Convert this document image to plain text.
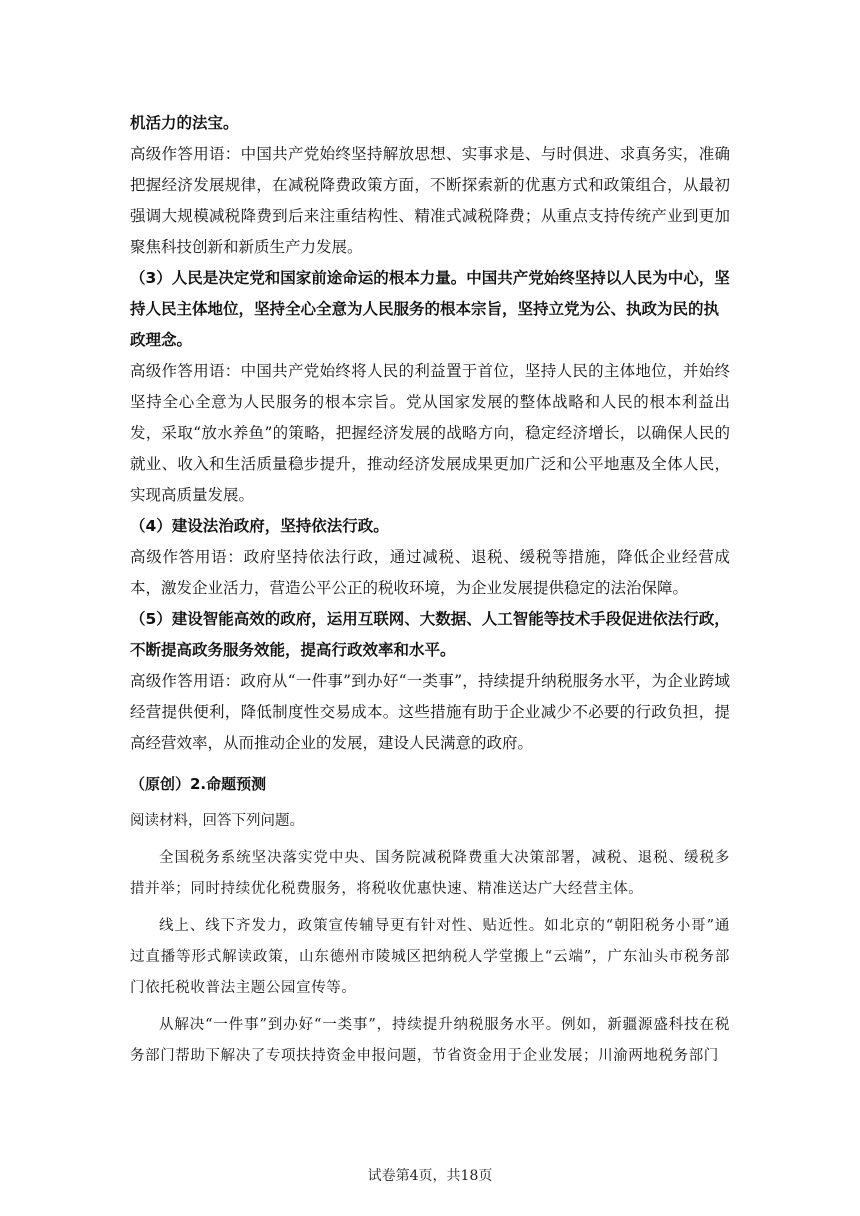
机活力的法宝。

高级作答用语：中国共产党始终坚持解放思想、实事求是、与时俱进、求真务实，准确把握经济发展规律，在减税降费政策方面，不断探索新的优惠方式和政策组合，从最初强调大规模减税降费到后来注重结构性、精准式减税降费；从重点支持传统产业到更加聚焦科技创新和新质生产力发展。

（3）人民是决定党和国家前途命运的根本力量。中国共产党始终坚持以人民为中心，坚持人民主体地位，坚持全心全意为人民服务的根本宗旨，坚持立党为公、执政为民的执政理念。

高级作答用语：中国共产党始终将人民的利益置于首位，坚持人民的主体地位，并始终坚持全心全意为人民服务的根本宗旨。党从国家发展的整体战略和人民的根本利益出发，采取“放水养鱼”的策略，把握经济发展的战略方向，稳定经济增长，以确保人民的就业、收入和生活质量稳步提升，推动经济发展成果更加广泛和公平地惠及全体人民，实现高质量发展。

（4）建设法治政府，坚持依法行政。

高级作答用语：政府坚持依法行政，通过减税、退税、缓税等措施，降低企业经营成本，激发企业活力，营造公平公正的税收环境，为企业发展提供稳定的法治保障。

（5）建设智能高效的政府，运用互联网、大数据、人工智能等技术手段促进依法行政，不断提高政务服务效能，提高行政效率和水平。

高级作答用语：政府从“一件事”到办好“一类事”，持续提升纳税服务水平，为企业跨域经营提供便利，降低制度性交易成本。这些措施有助于企业减少不必要的行政负担，提高经营效率，从而推动企业的发展，建设人民满意的政府。

（原创）2.命题预测

阅读材料，回答下列问题。

全国税务系统坚决落实党中央、国务院减税降费重大决策部署，减税、退税、缓税多措并举；同时持续优化税费服务，将税收优惠快速、精准送达广大经营主体。

线上、线下齐发力，政策宣传辅导更有针对性、贴近性。如北京的“朝阳税务小哥”通过直播等形式解读政策，山东德州市陵城区把纳税人学堂搬上“云端”，广东汕头市税务部门依托税收普法主题公园宣传等。

从解决“一件事”到办好“一类事”，持续提升纳税服务水平。例如，新疆源盛科技在税务部门帮助下解决了专项扶持资金申报问题，节省资金用于企业发展；川渝两地税务部门

试卷第4页，共18页
